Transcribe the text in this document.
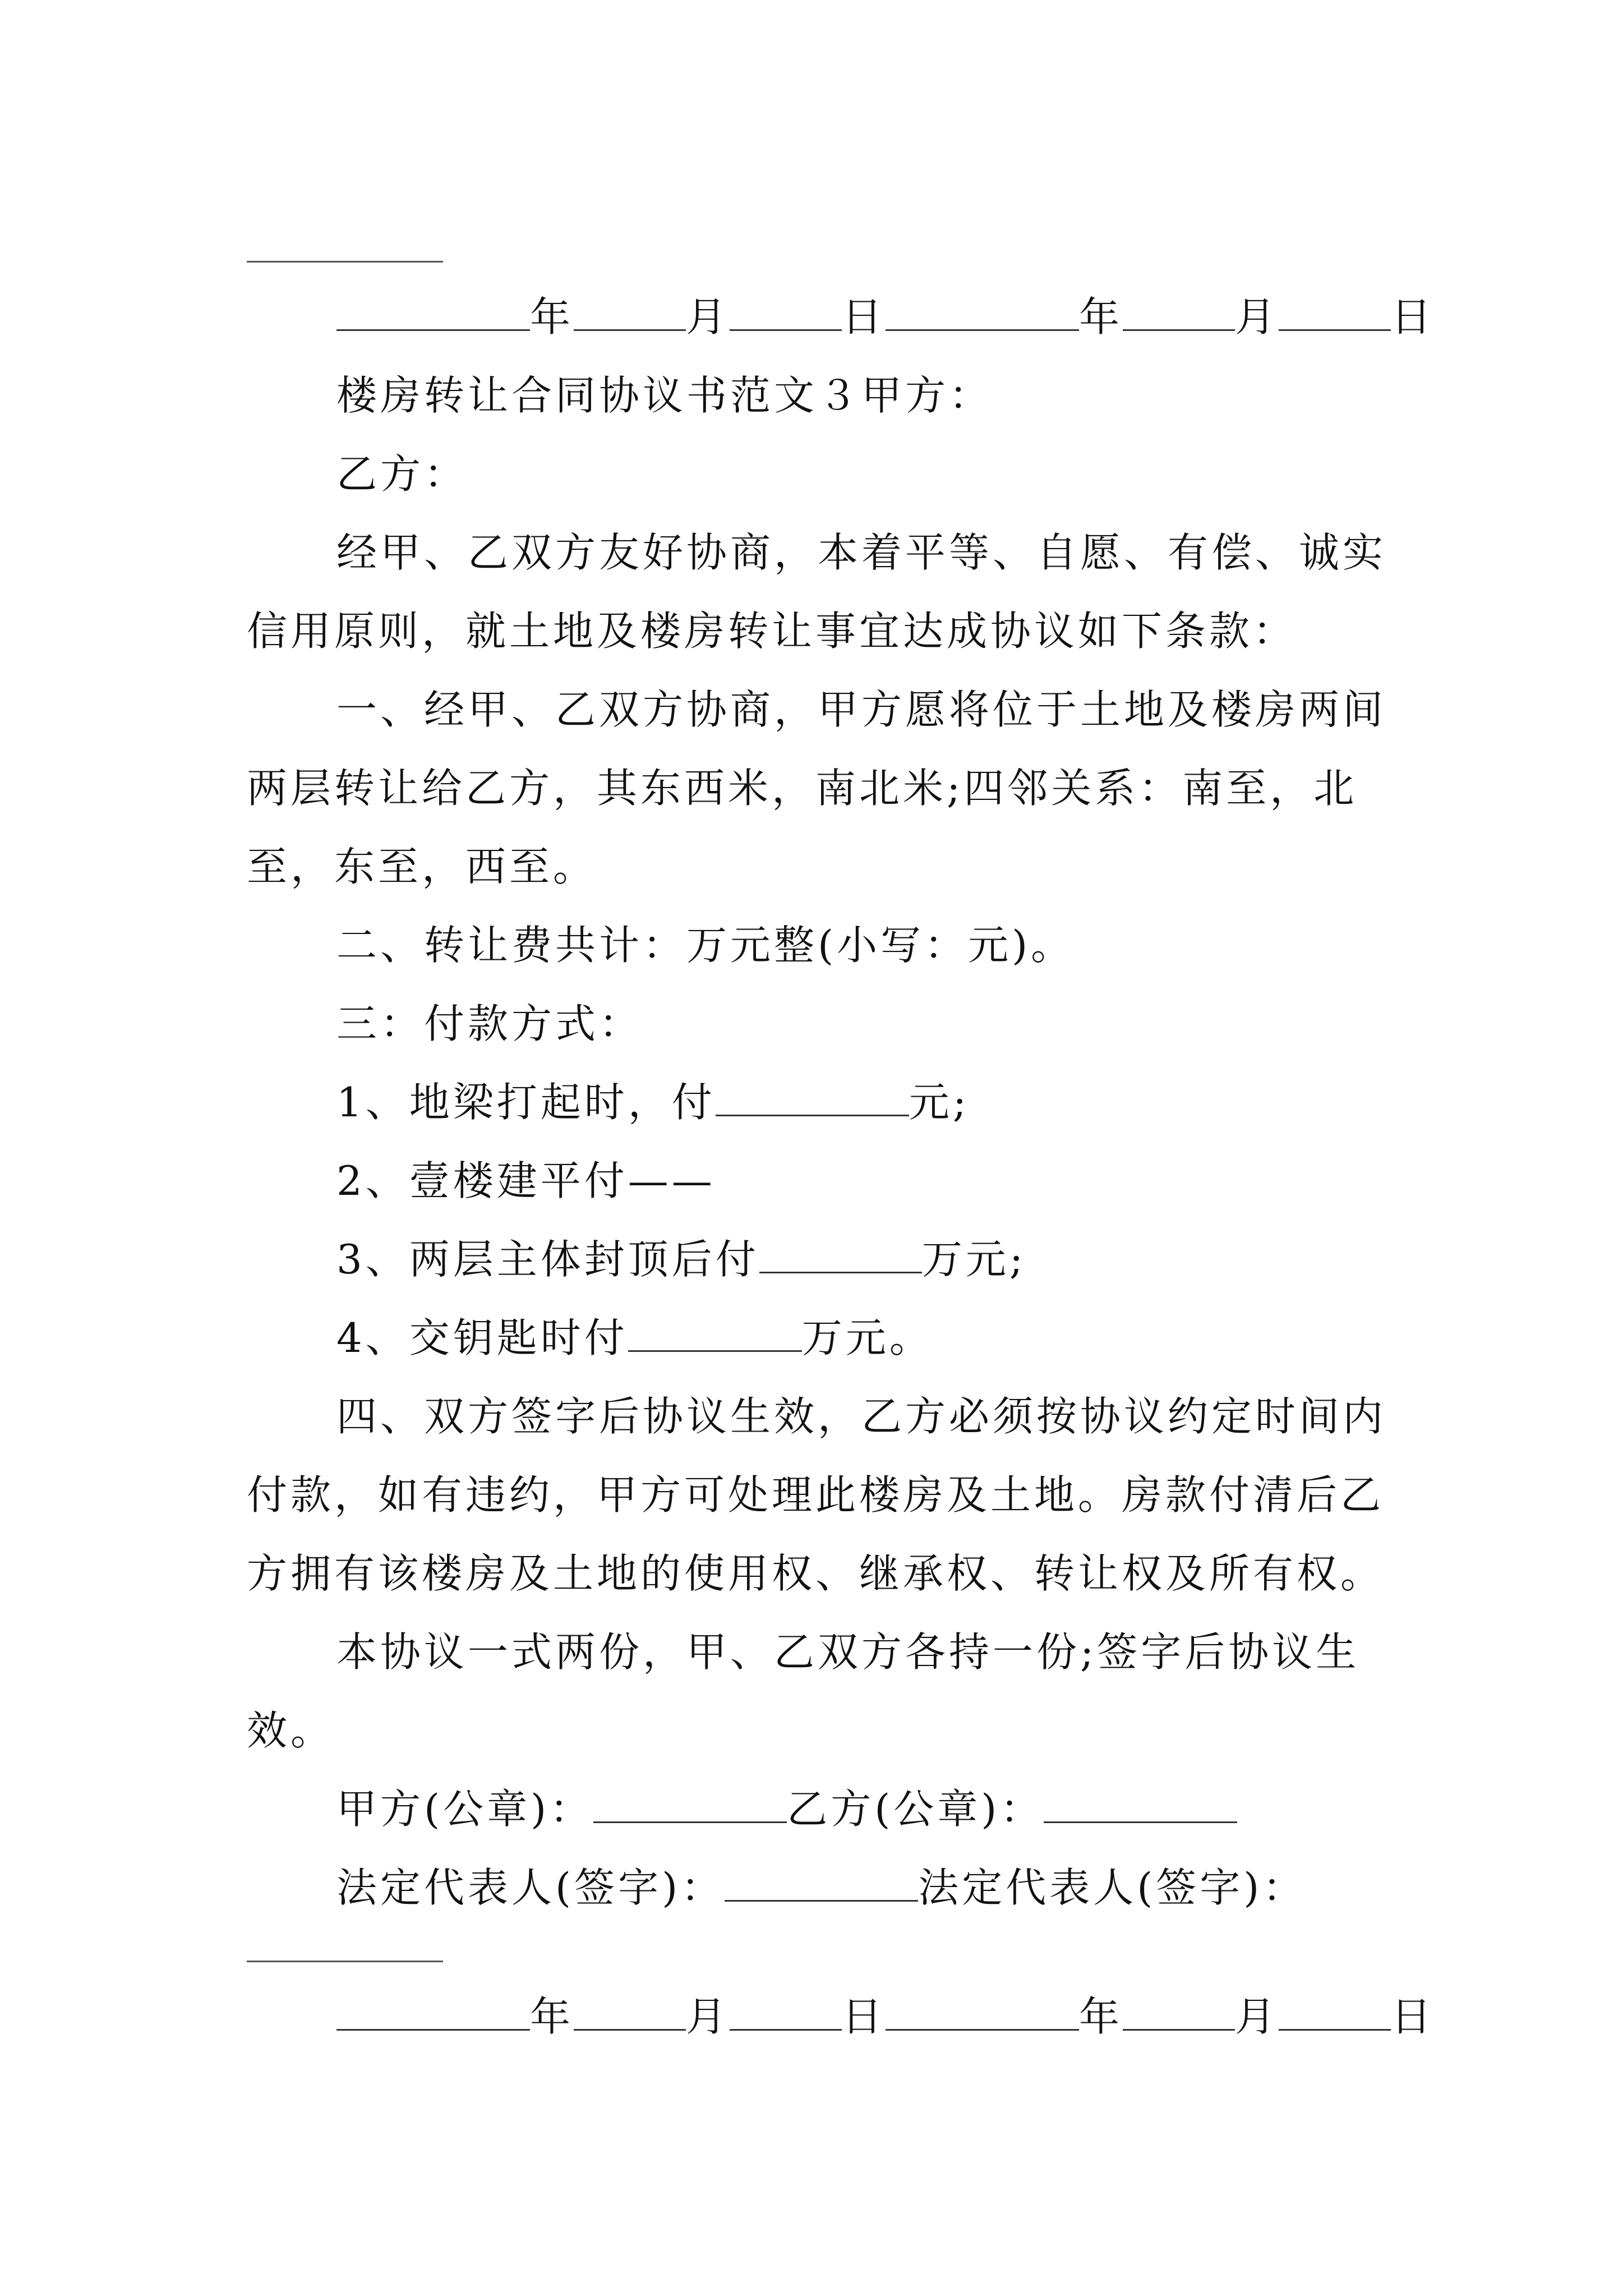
年	月	日	年	月	日
楼房转让合同协议书范文３甲方：
乙方：
经甲、乙双方友好协商，本着平等、自愿、有偿、诚实
信用原则，就土地及楼房转让事宜达成协议如下条款：
一、经甲、乙双方协商，甲方愿将位于土地及楼房两间
两层转让给乙方，其东西米，南北米;四邻关系：南至，北
至，东至，西至。
二、转让费共计：万元整(小写：元)。
三：付款方式：
1、地梁打起时，付	元;
2、壹楼建平付——
3、两层主体封顶后付	万元;
4、交钥匙时付	万元。
四、双方签字后协议生效，乙方必须按协议约定时间内
付款，如有违约，甲方可处理此楼房及土地。房款付清后乙
方拥有该楼房及土地的使用权、继承权、转让权及所有权。
本协议一式两份，甲、乙双方各持一份;签字后协议生
效。
甲方(公章)：	乙方(公章)：
法定代表人(签字)：	法定代表人(签字)：
年	月	日	年	月	日
